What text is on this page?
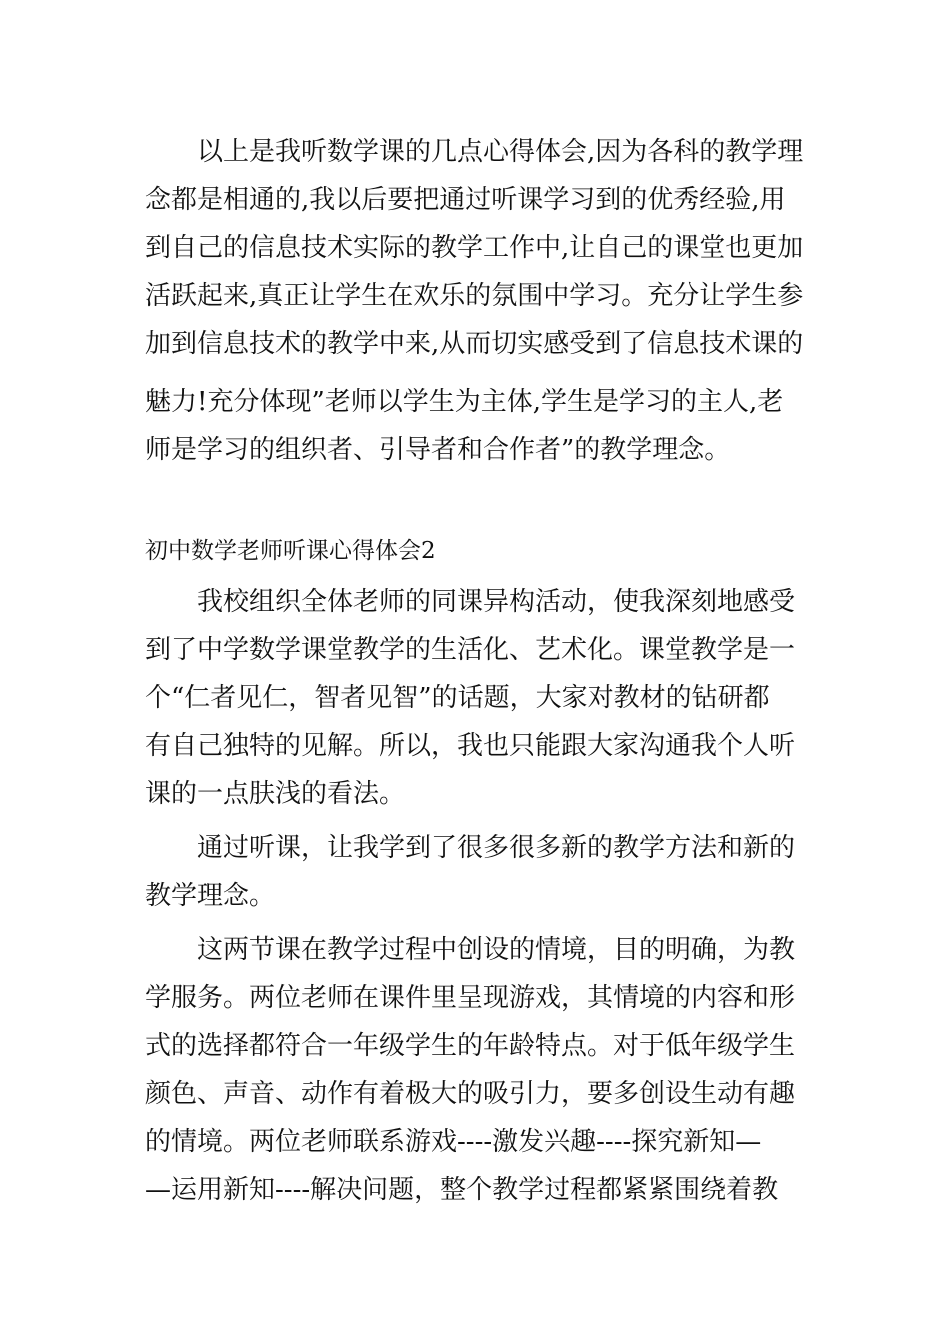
以上是我听数学课的几点心得体会,因为各科的教学理
念都是相通的,我以后要把通过听课学习到的优秀经验,用
到自己的信息技术实际的教学工作中,让自己的课堂也更加
活跃起来,真正让学生在欢乐的氛围中学习。充分让学生参
加到信息技术的教学中来,从而切实感受到了信息技术课的
魅力!充分体现”老师以学生为主体,学生是学习的主人,老
师是学习的组织者、引导者和合作者”的教学理念。
初中数学老师听课心得体会2
我校组织全体老师的同课异构活动，使我深刻地感受
到了中学数学课堂教学的生活化、艺术化。课堂教学是一
个“仁者见仁，智者见智”的话题，大家对教材的钻研都
有自己独特的见解。所以，我也只能跟大家沟通我个人听
课的一点肤浅的看法。
通过听课，让我学到了很多很多新的教学方法和新的
教学理念。
这两节课在教学过程中创设的情境，目的明确，为教
学服务。两位老师在课件里呈现游戏，其情境的内容和形
式的选择都符合一年级学生的年龄特点。对于低年级学生
颜色、声音、动作有着极大的吸引力，要多创设生动有趣
的情境。两位老师联系游戏----激发兴趣----探究新知—
—运用新知----解决问题，整个教学过程都紧紧围绕着教
